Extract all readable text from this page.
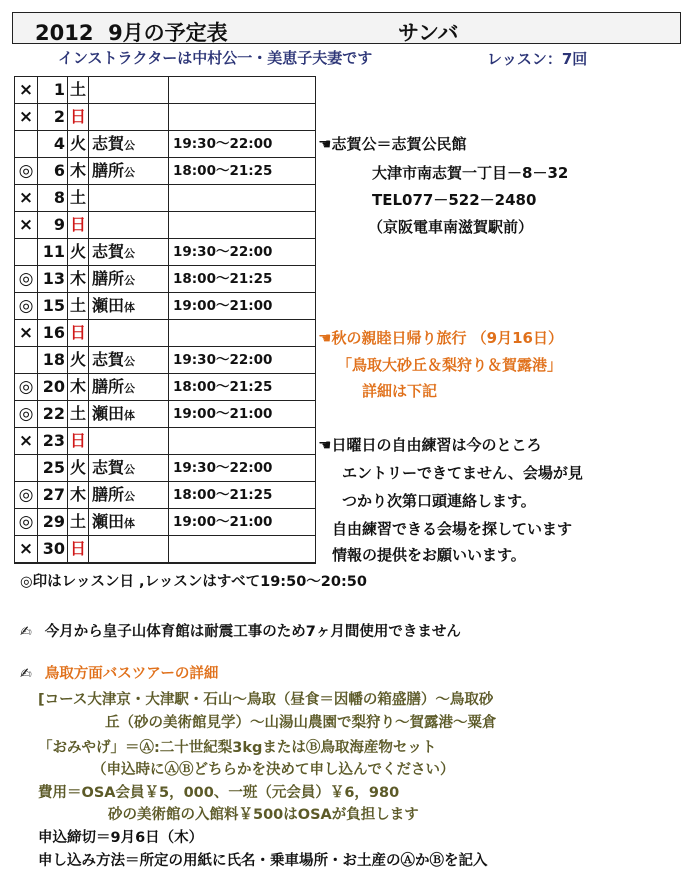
2012  9月の予定表	サンバ
インストラクターは中村公一・美恵子夫妻です	レッスン：7回
×	1 土
×	2 日
4 火 志賀公	19:30～22:00
◎	6 木 膳所公	18:00～21:25
×	8 土
×	9 日
11 火 志賀公	19:30～22:00
◎ 13 木 膳所公	18:00～21:25
◎ 15 土 瀬田体	19:00～21:00
× 16 日
18 火 志賀公	19:30～22:00
◎ 20 木 膳所公	18:00～21:25
◎ 22 土 瀬田体	19:00～21:00
× 23 日
25 火 志賀公	19:30～22:00
◎ 27 木 膳所公	18:00～21:25
◎ 29 土 瀬田体	19:00～21:00
× 30 日
☚志賀公＝志賀公民館
大津市南志賀一丁目－8－32
TEL077－522－2480
（京阪電車南滋賀駅前）
☚秋の親睦日帰り旅行 （9月16日）
「鳥取大砂丘＆梨狩り＆賀露港」
詳細は下記
☚日曜日の自由練習は今のところ
エントリーできてません、会場が見
つかり次第口頭連絡します。
自由練習できる会場を探しています
情報の提供をお願いいます。
◎印はレッスン日 ,レッスンはすべて19:50～20:50
✍ 今月から皇子山体育館は耐震工事のため7ヶ月間使用できません
✍ 鳥取方面バスツアーの詳細
[コース大津京・大津駅・石山～鳥取（昼食＝因幡の箱盛膳）～鳥取砂
丘（砂の美術館見学）～山湯山農園で梨狩り～賀露港～粟倉
「おみやげ」＝Ⓐ:二十世紀梨3kgまたはⒷ鳥取海産物セット
（申込時にⒶⒷどちらかを決めて申し込んでください）
費用＝OSA会員￥5，000、一班（元会員）￥6，980
砂の美術館の入館料￥500はOSAが負担します
申込締切＝9月6日（木）
申し込み方法＝所定の用紙に氏名・乗車場所・お土産のⒶかⒷを記入
